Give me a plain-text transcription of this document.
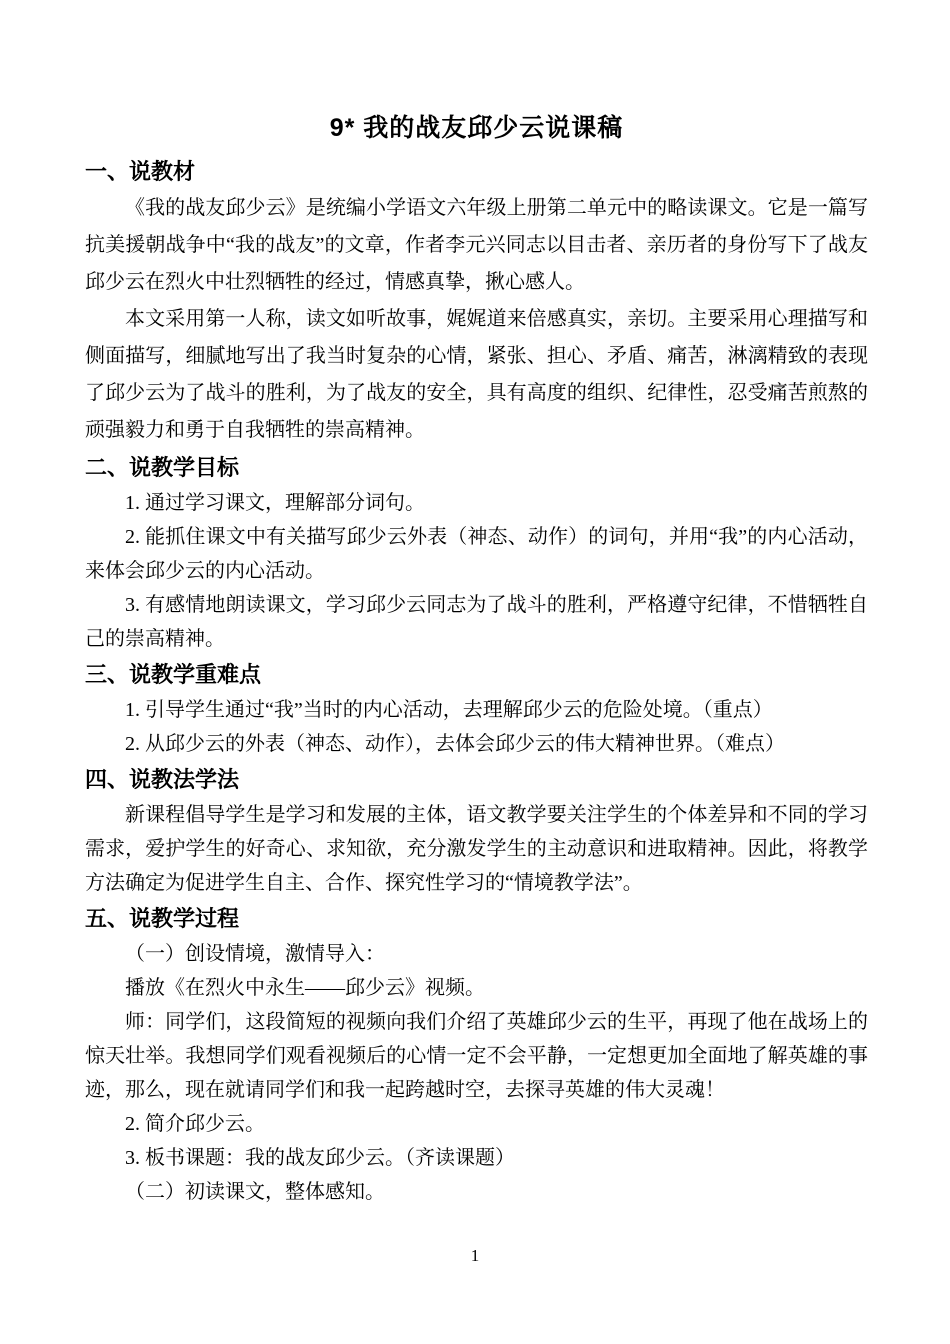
9* 我的战友邱少云说课稿
一、说教材

《我的战友邱少云》是统编小学语文六年级上册第二单元中的略读课文。它是一篇写抗美援朝战争中“我的战友”的文章，作者李元兴同志以目击者、亲历者的身份写下了战友邱少云在烈火中壮烈牺牲的经过，情感真挚，揪心感人。

本文采用第一人称，读文如听故事，娓娓道来倍感真实，亲切。主要采用心理描写和侧面描写，细腻地写出了我当时复杂的心情，紧张、担心、矛盾、痛苦，淋漓精致的表现了邱少云为了战斗的胜利，为了战友的安全，具有高度的组织、纪律性，忍受痛苦煎熬的顽强毅力和勇于自我牺牲的崇高精神。

二、说教学目标

1. 通过学习课文，理解部分词句。

2. 能抓住课文中有关描写邱少云外表（神态、动作）的词句，并用“我”的内心活动，来体会邱少云的内心活动。

3. 有感情地朗读课文，学习邱少云同志为了战斗的胜利，严格遵守纪律，不惜牺牲自己的崇高精神。

三、说教学重难点

1. 引导学生通过“我”当时的内心活动，去理解邱少云的危险处境。（重点）

2. 从邱少云的外表（神态、动作），去体会邱少云的伟大精神世界。（难点）

四、说教法学法

新课程倡导学生是学习和发展的主体，语文教学要关注学生的个体差异和不同的学习需求，爱护学生的好奇心、求知欲，充分激发学生的主动意识和进取精神。因此，将教学方法确定为促进学生自主、合作、探究性学习的“情境教学法”。

五、说教学过程

（一）创设情境，激情导入：

播放《在烈火中永生——邱少云》视频。

师：同学们，这段简短的视频向我们介绍了英雄邱少云的生平，再现了他在战场上的惊天壮举。我想同学们观看视频后的心情一定不会平静，一定想更加全面地了解英雄的事迹，那么，现在就请同学们和我一起跨越时空，去探寻英雄的伟大灵魂！

2. 简介邱少云。

3. 板书课题：我的战友邱少云。（齐读课题）

（二）初读课文，整体感知。

1
